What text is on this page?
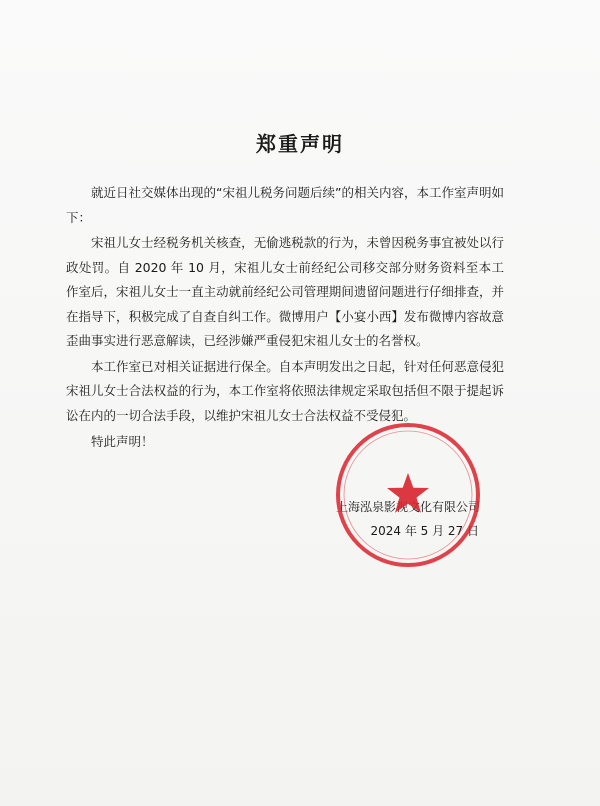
郑重声明

就近日社交媒体出现的“宋祖儿税务问题后续”的相关内容，本工作室声明如下：

宋祖儿女士经税务机关核查，无偷逃税款的行为，未曾因税务事宜被处以行政处罚。自 2020 年 10 月，宋祖儿女士前经纪公司移交部分财务资料至本工作室后，宋祖儿女士一直主动就前经纪公司管理期间遗留问题进行仔细排查，并在指导下，积极完成了自查自纠工作。微博用户【小宴小西】发布微博内容故意歪曲事实进行恶意解读，已经涉嫌严重侵犯宋祖儿女士的名誉权。

本工作室已对相关证据进行保全。自本声明发出之日起，针对任何恶意侵犯宋祖儿女士合法权益的行为，本工作室将依照法律规定采取包括但不限于提起诉讼在内的一切合法手段，以维护宋祖儿女士合法权益不受侵犯。

特此声明！
上海泓泉影视文化有限公司
2024 年 5 月 27 日
